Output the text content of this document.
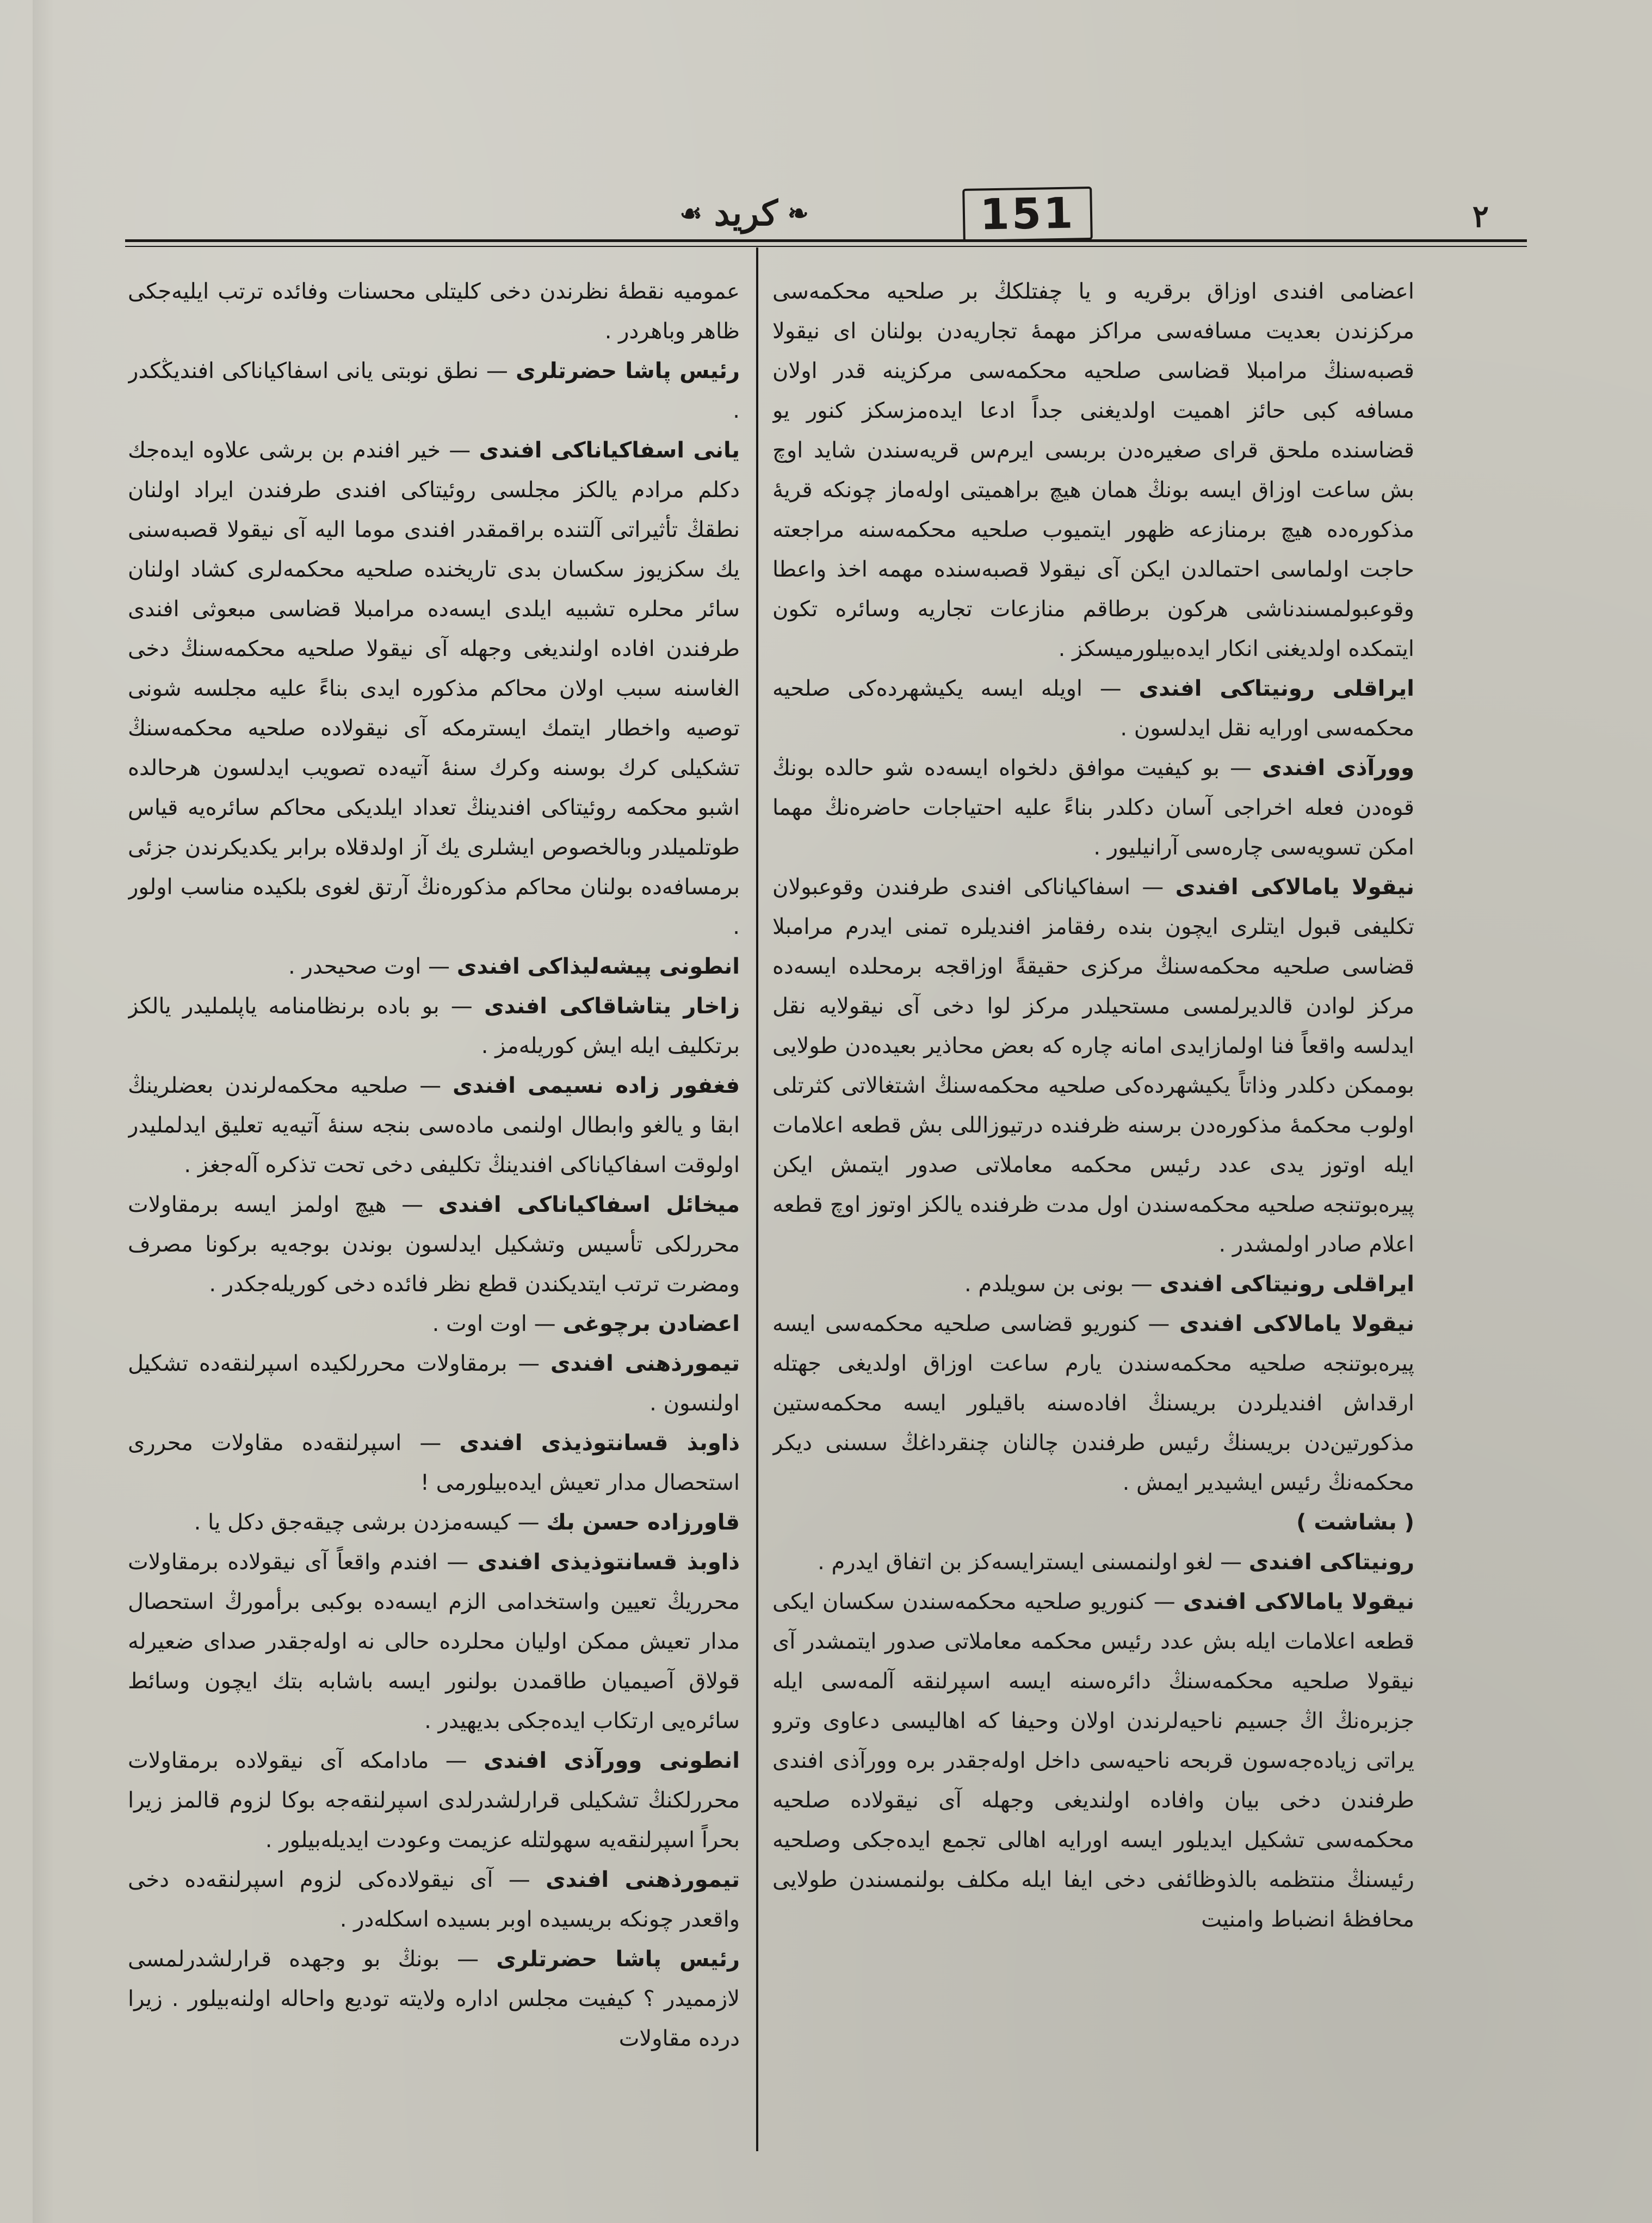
151
❧
کرید
☙	٢

اعضامی افندی اوزاق برقریه و یا چفتلکڭ بر صلحیه محکمه‌سی مرکزندن بعدیت مسافه‌سی مراکز مهمهٔ تجاریه‌دن بولنان ای نیقولا قصبه‌سنڭ مرامبلا قضاسی صلحیه محکمه‌سی مرکزینه قدر اولان مسافه کبی حائز اهمیت اولدیغنی جداً ادعا ایده‌مزسکز کنور یو قضاسنده ملحق قرای صغیره‌دن بربسی ایرم‌س قریه‌سندن شاید اوچ بش ساعت اوزاق ایسه بونڭ همان هیچ براهمیتی اوله‌ماز چونکه قریهٔ مذکوره‌ده هیچ برمنازعه ظهور ایتمیوب صلحیه محکمه‌سنه مراجعته حاجت اولماسی احتمالدن ایکن آی نیقولا قصبه‌سنده مهمه اخذ واعطا وقوعبولمسندناشی هرکون برطاقم منازعات تجاریه وسائره تکون ایتمکده اولدیغنی انکار ایده‌بیلورمیسکز .

ایراقلی رونیتاکی افندی — اویله ایسه یکیشهرده‌کی صلحیه محکمه‌سی اورایه نقل ایدلسون .

وورآذی افندی — بو کیفیت موافق دلخواه ایسه‌ده شو حالده بونڭ قوه‌دن فعله اخراجی آسان دکلدر بناءً علیه احتیاجات حاضره‌نڭ مهما امکن تسویه‌سی چاره‌سی آرانیلیور .

نیقولا یامالاکی افندی — اسفاکیاناکی افندی طرفندن وقوعبولان تکلیفی قبول ایتلری ایچون بنده رفقامز افندیلره تمنی ایدرم مرامبلا قضاسی صلحیه محکمه‌سنڭ مرکزی حقیقةً اوزاقجه برمحلده ایسه‌ده مرکز لوادن قالدیرلمسی مستحیلدر مرکز لوا دخی آی نیقولایه نقل ایدلسه واقعاً فنا اولمازایدی امانه چاره که بعض محاذیر بعیده‌دن طولایی بوممکن دکلدر وذاتاً یکیشهرده‌کی صلحیه محکمه‌سنڭ اشتغالاتی‌ کثرتلی اولوب محکمهٔ مذکوره‌دن برسنه ظرفنده درتیوزاللی بش قطعه اعلامات ایله اوتوز یدی عدد رئیس محکمه معاملاتی صدور ایتمش ایکن پیره‌بوتنجه صلحیه محکمه‌سندن اول مدت ظرفنده یالکز اوتوز اوچ قطعه اعلام صادر اولمشدر .

ایراقلی رونیتاکی افندی — بونی بن سویلدم .

نیقولا یامالاکی افندی — کنوریو قضاسی صلحیه محکمه‌سی ایسه پیره‌بوتنجه صلحیه محکمه‌سندن یارم ساعت اوزاق اولدیغی جهتله ارقداش افندیلردن بریسنڭ افاده‌سنه باقیلور ایسه محکمه‌ستین مذکورتین‌دن بریسنڭ رئیس طرفندن چالنان چنقرداغڭ سسنی دیکر محکمه‌نڭ رئیس ایشیدیر ایمش .

( بشاشت )

رونیتاکی افندی — لغو اولنمسنی ایسترایسه‌کز بن اتفاق ایدرم .

نیقولا یامالاکی افندی — کنوریو صلحیه محکمه‌سندن سکسان ایکی قطعه اعلامات ایله بش عدد رئیس محکمه معاملاتی صدور ایتمشدر آی نیقولا صلحیه محکمه‌سنڭ دائره‌سنه ایسه اسپرلنقه آلمه‌سی ایله جزبرەنڭ اڭ جسیم ناحیه‌لرندن اولان وحیفا که اهالیسی دعاوی وترو یراتی زیاده‌جه‌سون قربحه ناحیه‌سی داخل اوله‌جقدر بره وورآذی افندی طرفندن دخی بیان وافاده اولندیغی وجهله آی نیقولاده صلحیه محکمه‌سی تشکیل ایدیلور ایسه اورایه اهالی تجمع ایده‌جکی وصلحیه رئیسنڭ منتظمه بالذوظائفی دخی ایفا ایله مکلف بولنمسندن طولایی محافظهٔ انضباط وامنیت

عمومیه نقطهٔ نظرندن دخی کلیتلی محسنات وفائده ترتب ایلیه‌جکی ظاهر وباهردر .

رئیس پاشا حضرتلری — نطق نوبتی یانی اسفاکیاناکی افندیڭکدر .

یانی اسفاکیاناکی افندی — خیر افندم بن برشی علاوه ایده‌جك دکلم مرادم یالکز مجلسی روئیتاکی افندی طرفندن ایراد اولنان نطقڭ تأثیراتی آلتنده براقمقدر افندی موما الیه آی نیقولا قصبه‌سنی یك سکزیوز سکسان بدی تاریخنده صلحیه محکمه‌لری کشاد اولنان سائر محلره تشبیه ایلدی ایسه‌ده مرامبلا قضاسی مبعوثی افندی طرفندن افاده اولندیغی وجهله آی نیقولا صلحیه محکمه‌سنڭ دخی الغاسنه سبب اولان محاکم مذکوره ایدی بناءً علیه مجلسه شونی توصیه واخطار ایتمك ایسترمکه آی نیقولاده صلحیه محکمه‌سنڭ تشکیلی کرك بوسنه وکرك سنهٔ آتیه‌ده تصویب ایدلسون هرحالده اشبو محکمه روئیتاکی افندینڭ تعداد ایلدیکی محاکم سائره‌یه قیاس طوتلمیلدر وبالخصوص ایشلری یك آز اولدقلاه برابر یکدیکرندن جزئی برمسافه‌ده بولنان محاکم مذکوره‌نڭ آرتق لغوی بلکیده مناسب اولور .

انطونی پیشه‌لیذاکی افندی — اوت صحیحدر .

زاخار یتاشاقاکی افندی — بو باده برنظامنامه یاپلملیدر یالکز برتکلیف ایله ایش کوریله‌مز .

فغفور زاده نسیمی افندی — صلحیه محکمه‌لرندن بعضلرینڭ ابقا و یالغو وابطال اولنمی ماده‌سی بنجه سنهٔ آتیه‌یه تعلیق ایدلملیدر اولوقت اسفاکیاناکی افندینڭ تکلیفی دخی تحت تذکره آله‌جغز .

میخائل اسفاکیاناکی افندی — هیچ اولمز ایسه برمقاولات محررلکی تأسیس وتشکیل ایدلسون بوندن بوجه‌یه برکونا مصرف ومضرت ترتب ایتدیکندن قطع نظر فائده دخی کوریله‌جکدر .

اعضادن برچوغی — اوت اوت .

تیمورذهنی افندی — برمقاولات محررلکیده اسپرلنقه‌ده تشکیل اولنسون .

ذاوبذ قسانتوذیذی افندی — اسپرلنقه‌ده مقاولات محرری استحصال مدار تعیش ایده‌بیلورمی !

قاورزاده حسن بك — کیسه‌مزدن برشی چیقه‌جق دکل یا .

ذاوبذ قسانتوذیذی افندی — افندم واقعاً آی نیقولاده برمقاولات محرریڭ تعیین واستخدامی الزم ایسه‌ده بوکبی برأمورڭ استحصال مدار تعیش ممکن اولیان محلرده حالی نه اوله‌جقدر صدای ضعیرله قولاق آصیمیان طاقمدن بولنور ایسه باشابه بتك ایچون وسائط سائره‌یی ارتکاب ایده‌جکی بدیهیدر .

انطونی وورآذی افندی — مادامکه آی نیقولاده برمقاولات محررلکنڭ تشکیلی قرارلشدرلدی اسپرلنقه‌جه بوکا لزوم قالمز زیرا بحراً اسپرلنقه‌یه سهولتله عزیمت وعودت ایدیله‌بیلور .

تیمورذهنی افندی — آی نیقولاده‌کی لزوم اسپرلنقه‌ده دخی واقعدر چونکه بریسیده اوبر بسیده اسکله‌در .

رئیس پاشا حضرتلری — بونڭ بو وجهده قرارلشدرلمسی لازممیدر ؟ کیفیت مجلس اداره ولایته تودیع واحاله اولنه‌بیلور . زیرا درده مقاولات
